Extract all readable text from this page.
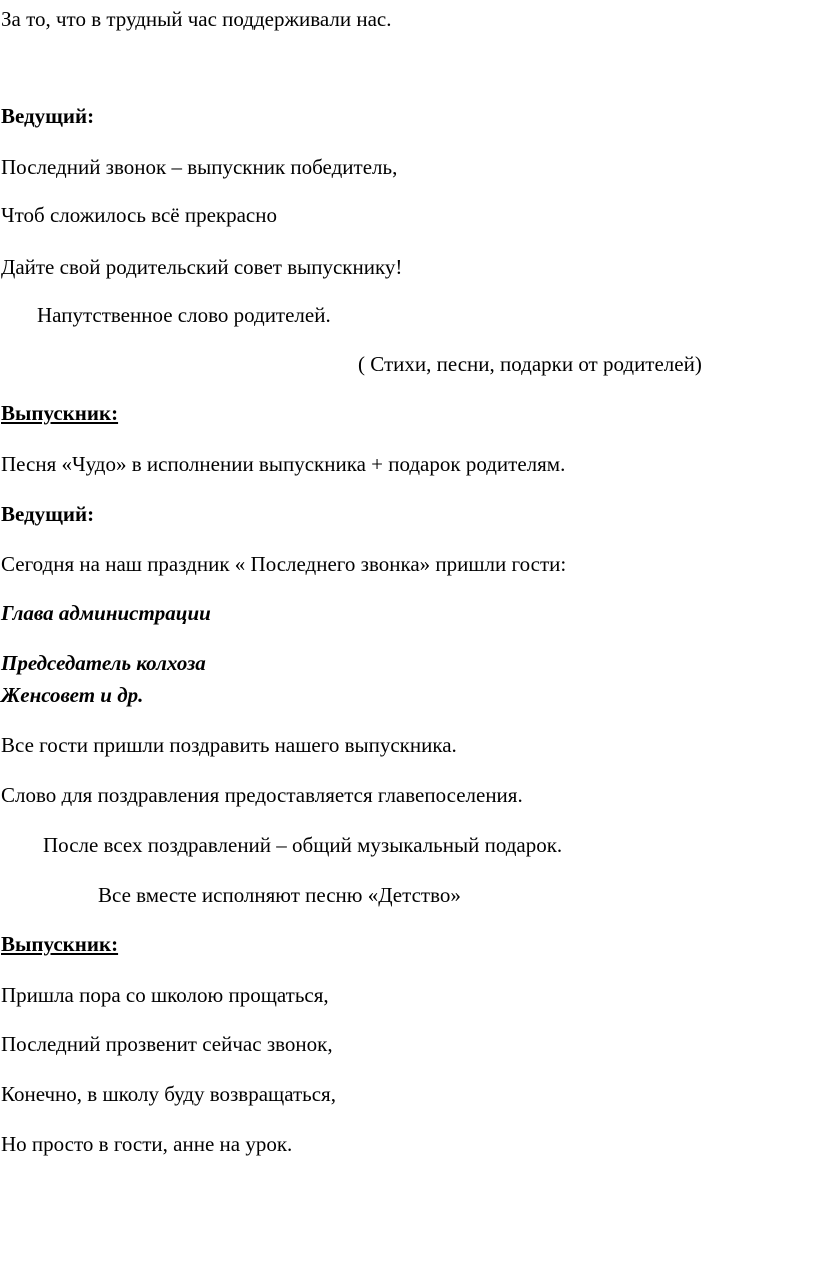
За то, что в трудный час поддерживали нас.

Ведущий:

Последний звонок – выпускник победитель,

Чтоб сложилось всё прекрасно

Дайте свой родительский совет выпускнику!

Напутственное слово родителей.

( Стихи, песни, подарки от родителей)

Выпускник:

Песня «Чудо» в исполнении выпускника + подарок родителям.

Ведущий:

Сегодня на наш праздник « Последнего звонка» пришли гости:

Глава администрации

Председатель колхоза

Женсовет и др.

Все гости пришли поздравить нашего выпускника.

Слово для поздравления предоставляется главепоселения.

После всех поздравлений – общий музыкальный подарок.

Все вместе исполняют песню «Детство»

Выпускник:

Пришла пора со школою прощаться,

Последний прозвенит сейчас звонок,

Конечно, в школу буду возвращаться,

Но просто в гости, анне на урок.
